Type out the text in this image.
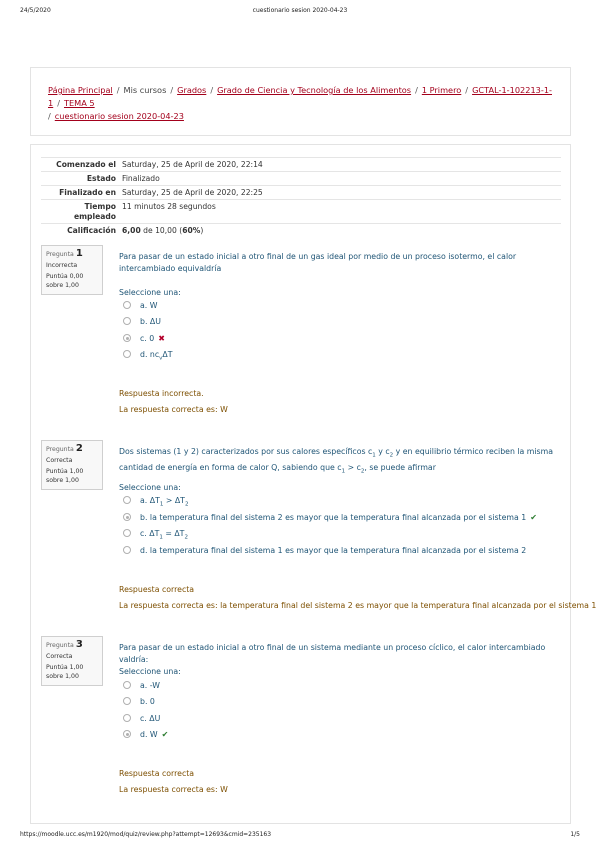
24/5/2020	cuestionario sesion 2020-04-23
Página Principal / Mis cursos / Grados / Grado de Ciencia y Tecnología de los Alimentos / 1 Primero / GCTAL-1-102213-1-1 / TEMA 5
/ cuestionario sesion 2020-04-23
Comenzado el	Saturday, 25 de April de 2020, 22:14
Estado	Finalizado
Finalizado en	Saturday, 25 de April de 2020, 22:25
Tiempo empleado	11 minutos 28 segundos
Calificación	6,00 de 10,00 (60%)
Pregunta 1
Incorrecta
Puntúa 0,00 sobre 1,00
Para pasar de un estado inicial a otro final de un gas ideal por medio de un proceso isotermo, el calor intercambiado equivaldría
Seleccione una:
a. W
b. ΔU
c. 0 ✖
d. $nc_v\Delta T$
Respuesta incorrecta.
La respuesta correcta es: W
Pregunta 2
Correcta
Puntúa 1,00 sobre 1,00
Dos sistemas (1 y 2) caracterizados por sus calores específicos $c_1$ y $c_2$ y en equilibrio térmico reciben la misma cantidad de energía en forma de calor Q, sabiendo que $c_1 > c_2$, se puede afirmar
Seleccione una:
a. $\Delta T_1 > \Delta T_2$
b. la temperatura final del sistema 2 es mayor que la temperatura final alcanzada por el sistema 1 ✔
c. $\Delta T_1 = \Delta T_2$
d. la temperatura final del sistema 1 es mayor que la temperatura final alcanzada por el sistema 2
Respuesta correcta
La respuesta correcta es: la temperatura final del sistema 2 es mayor que la temperatura final alcanzada por el sistema 1
Pregunta 3
Correcta
Puntúa 1,00 sobre 1,00
Para pasar de un estado inicial a otro final de un sistema mediante un proceso cíclico, el calor intercambiado valdría:
Seleccione una:
a. -W
b. 0
c. ΔU
d. W ✔
Respuesta correcta
La respuesta correcta es: W
https://moodle.ucc.es/m1920/mod/quiz/review.php?attempt=12693&cmid=235163	1/5
